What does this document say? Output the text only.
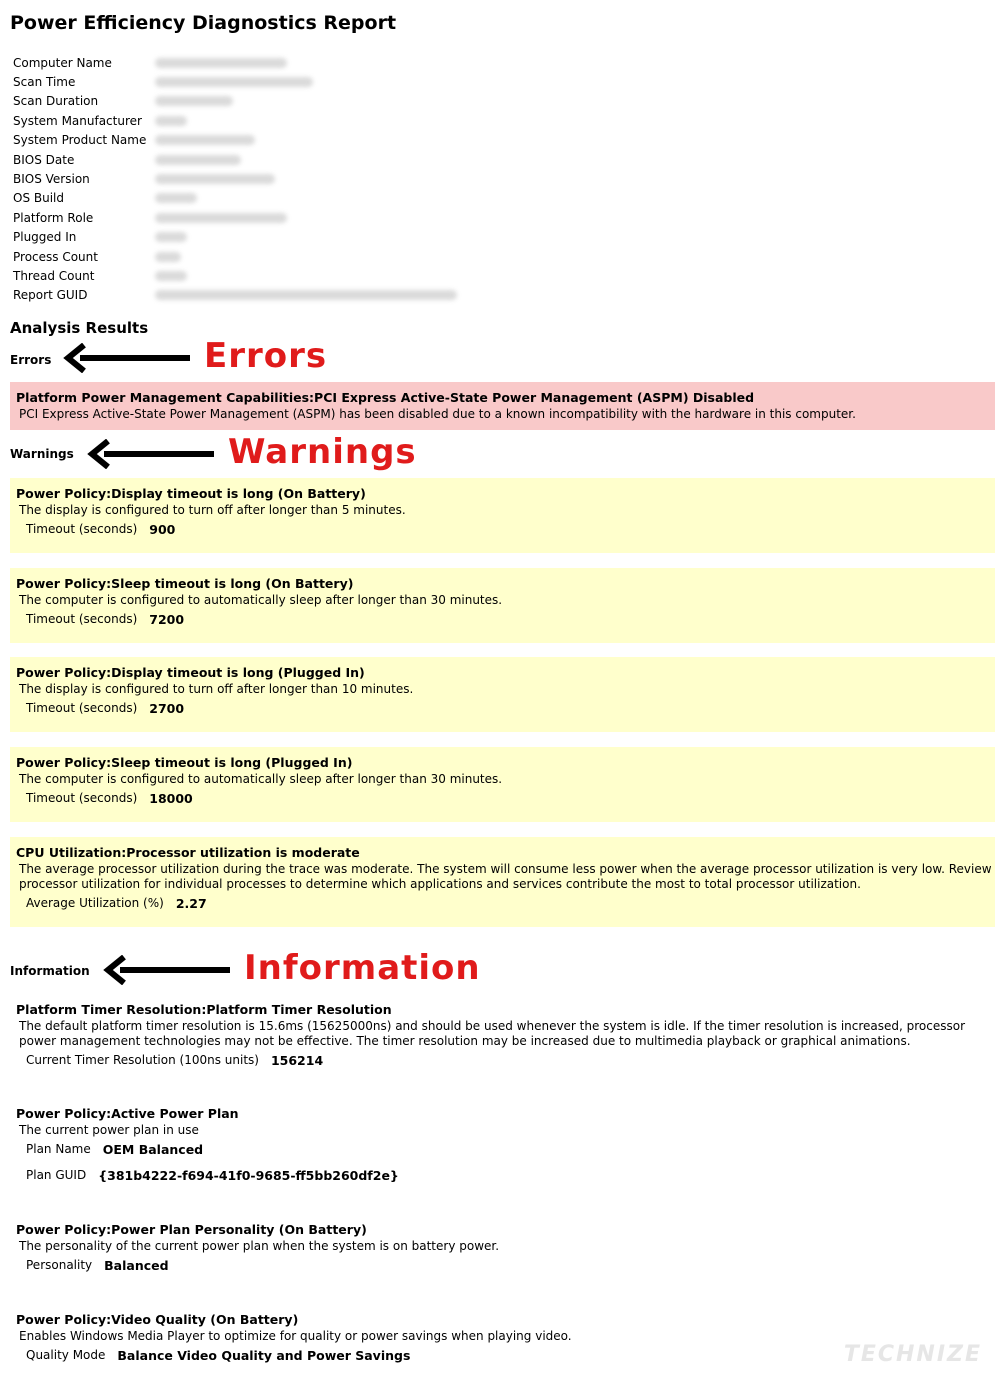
Power Efficiency Diagnostics Report
Computer Name
Scan Time
Scan Duration
System Manufacturer
System Product Name
BIOS Date
BIOS Version
OS Build
Platform Role
Plugged In
Process Count
Thread Count
Report GUID
Analysis Results
Errors	Errors
Platform Power Management Capabilities:PCI Express Active-State Power Management (ASPM) Disabled
PCI Express Active-State Power Management (ASPM) has been disabled due to a known incompatibility with the hardware in this computer.
Warnings	Warnings
Power Policy:Display timeout is long (On Battery)
The display is configured to turn off after longer than 5 minutes.
Timeout (seconds) 900
Power Policy:Sleep timeout is long (On Battery)
The computer is configured to automatically sleep after longer than 30 minutes.
Timeout (seconds) 7200
Power Policy:Display timeout is long (Plugged In)
The display is configured to turn off after longer than 10 minutes.
Timeout (seconds) 2700
Power Policy:Sleep timeout is long (Plugged In)
The computer is configured to automatically sleep after longer than 30 minutes.
Timeout (seconds) 18000
CPU Utilization:Processor utilization is moderate
The average processor utilization during the trace was moderate. The system will consume less power when the average processor utilization is very low. Review processor utilization for individual processes to determine which applications and services contribute the most to total processor utilization.
Average Utilization (%) 2.27
Information	Information
Platform Timer Resolution:Platform Timer Resolution
The default platform timer resolution is 15.6ms (15625000ns) and should be used whenever the system is idle. If the timer resolution is increased, processor power management technologies may not be effective. The timer resolution may be increased due to multimedia playback or graphical animations.
Current Timer Resolution (100ns units) 156214
Power Policy:Active Power Plan
The current power plan in use
Plan Name OEM Balanced
Plan GUID {381b4222-f694-41f0-9685-ff5bb260df2e}
Power Policy:Power Plan Personality (On Battery)
The personality of the current power plan when the system is on battery power.
Personality Balanced
Power Policy:Video Quality (On Battery)
Enables Windows Media Player to optimize for quality or power savings when playing video.
Quality Mode Balance Video Quality and Power Savings	TECHNIZE
